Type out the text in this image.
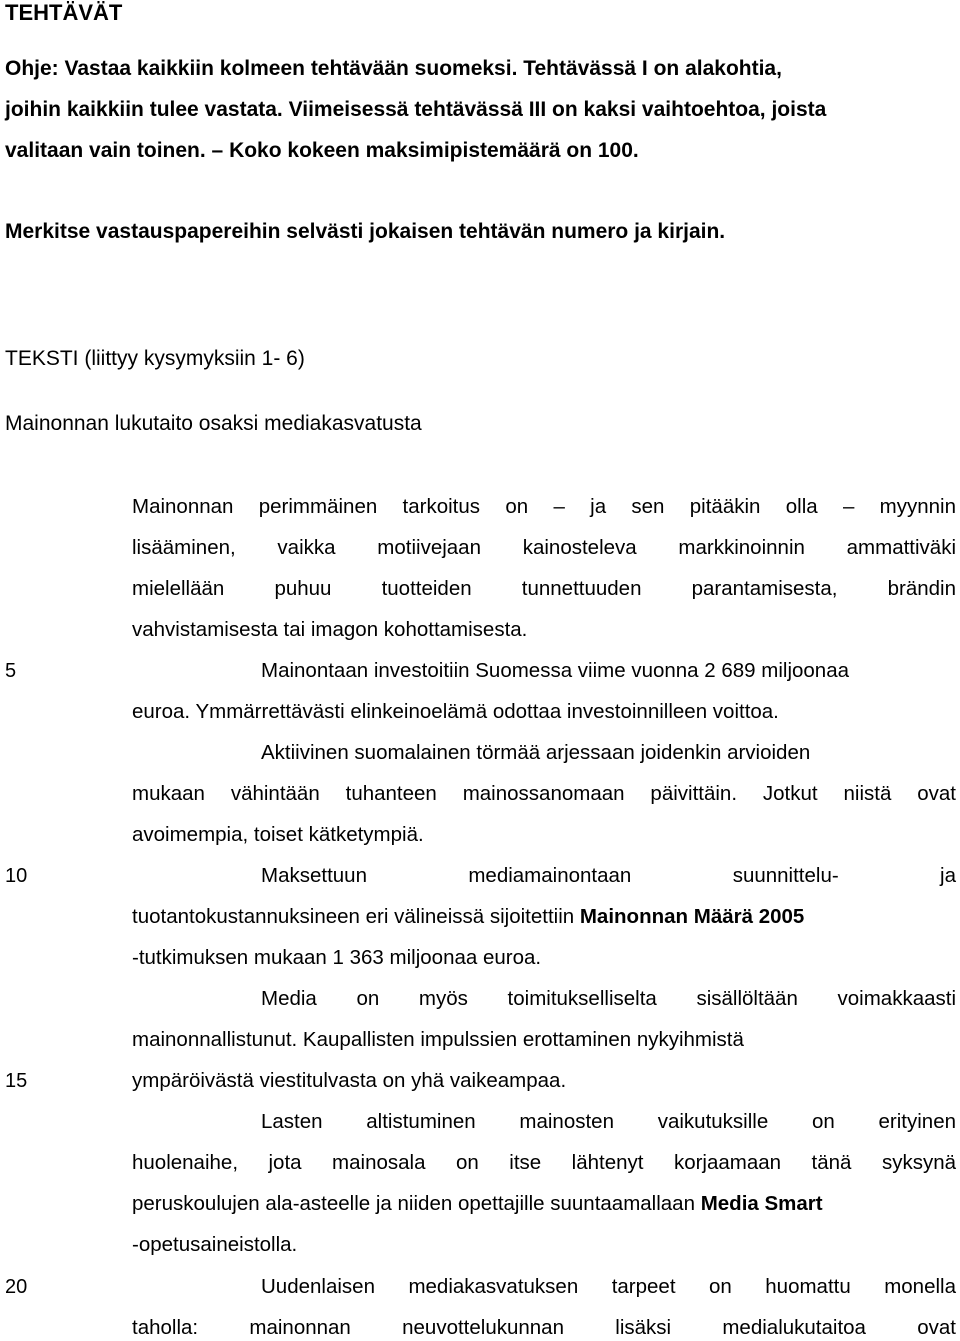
TEHTÄVÄT
Ohje: Vastaa kaikkiin kolmeen tehtävään suomeksi. Tehtävässä I on alakohtia,
joihin kaikkiin tulee vastata. Viimeisessä tehtävässä III on kaksi vaihtoehtoa, joista
valitaan vain toinen. – Koko kokeen maksimipistemäärä on 100.
Merkitse vastauspapereihin selvästi jokaisen tehtävän numero ja kirjain.
TEKSTI (liittyy kysymyksiin 1- 6)
Mainonnan lukutaito osaksi mediakasvatusta
5
10
15
20
Mainonnan perimmäinen tarkoitus on – ja sen pitääkin olla – myynnin
lisääminen, vaikka motiivejaan kainosteleva markkinoinnin ammattiväki
mielellään puhuu tuotteiden tunnettuuden parantamisesta, brändin
vahvistamisesta tai imagon kohottamisesta.
Mainontaan investoitiin Suomessa viime vuonna 2 689 miljoonaa
euroa. Ymmärrettävästi elinkeinoelämä odottaa investoinnilleen voittoa.
Aktiivinen suomalainen törmää arjessaan joidenkin arvioiden
mukaan vähintään tuhanteen mainossanomaan päivittäin. Jotkut niistä ovat
avoimempia, toiset kätketympiä.
Maksettuun mediamainontaan suunnittelu- ja
tuotantokustannuksineen eri välineissä sijoitettiin Mainonnan Määrä 2005
-tutkimuksen mukaan 1 363 miljoonaa euroa.
Media on myös toimitukselliselta sisällöltään voimakkaasti
mainonnallistunut. Kaupallisten impulssien erottaminen nykyihmistä
ympäröivästä viestitulvasta on yhä vaikeampaa.
Lasten altistuminen mainosten vaikutuksille on erityinen
huolenaihe, jota mainosala on itse lähtenyt korjaamaan tänä syksynä
peruskoulujen ala-asteelle ja niiden opettajille suuntaamallaan Media Smart
-opetusaineistolla.
Uudenlaisen mediakasvatuksen tarpeet on huomattu monella
taholla: mainonnan neuvottelukunnan lisäksi medialukutaitoa ovat
